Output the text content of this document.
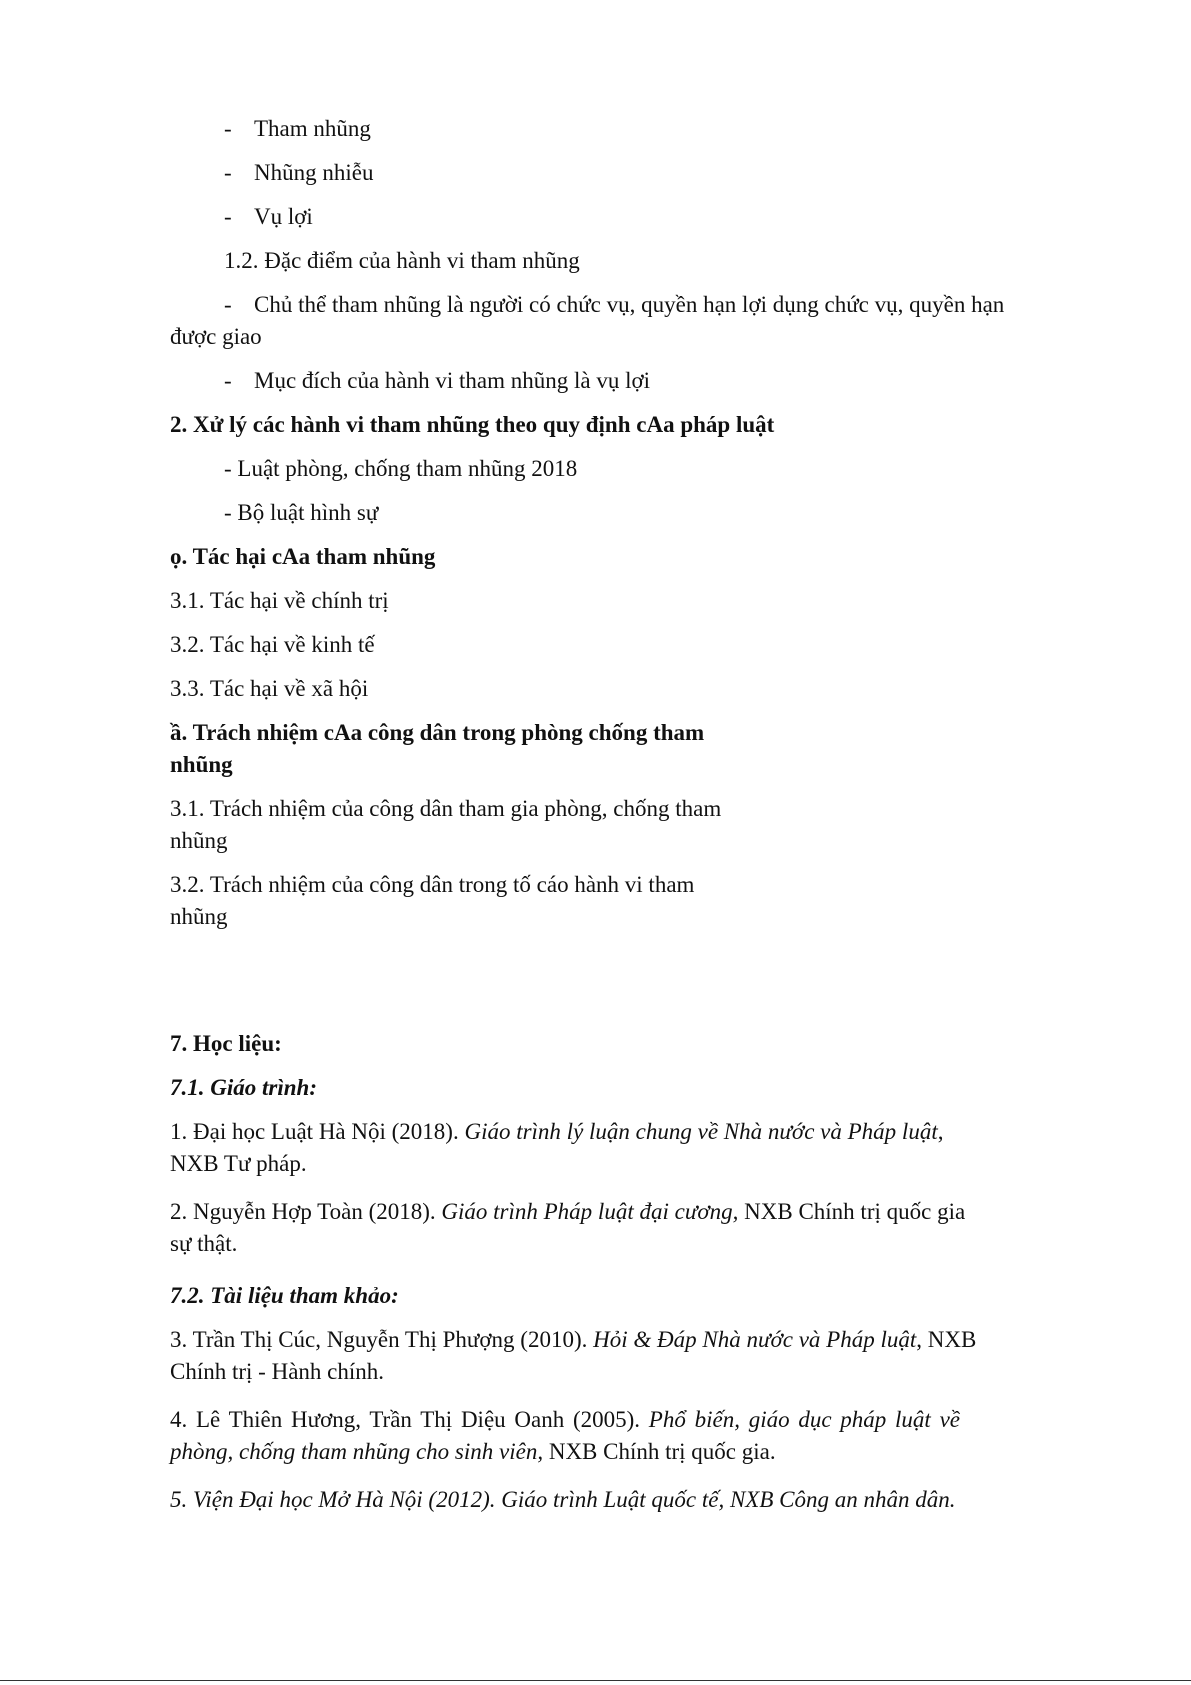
- Tham nhũng
- Nhũng nhiễu
- Vụ lợi
1.2. Đặc điểm của hành vi tham nhũng
- Chủ thể tham nhũng là người có chức vụ, quyền hạn lợi dụng chức vụ, quyền hạn
được giao
- Mục đích của hành vi tham nhũng là vụ lợi
2. Xử lý các hành vi tham nhũng theo quy định cAa pháp luật
- Luật phòng, chống tham nhũng 2018
- Bộ luật hình sự
ọ. Tác hại cAa tham nhũng
3.1. Tác hại về chính trị
3.2. Tác hại về kinh tế
3.3. Tác hại về xã hội
ầ. Trách nhiệm cAa công dân trong phòng chống tham
nhũng
3.1. Trách nhiệm của công dân tham gia phòng, chống tham
nhũng
3.2. Trách nhiệm của công dân trong tố cáo hành vi tham
nhũng
7. Học liệu:
7.1. Giáo trình:
1. Đại học Luật Hà Nội (2018). Giáo trình lý luận chung về Nhà nước và Pháp luật,
NXB Tư pháp.
2. Nguyễn Hợp Toàn (2018). Giáo trình Pháp luật đại cương, NXB Chính trị quốc gia
sự thật.
7.2. Tài liệu tham khảo:
3. Trần Thị Cúc, Nguyễn Thị Phượng (2010). Hỏi & Đáp Nhà nước và Pháp luật, NXB
Chính trị - Hành chính.
4. Lê Thiên Hương, Trần Thị Diệu Oanh (2005). Phổ biến, giáo dục pháp luật về
phòng, chống tham nhũng cho sinh viên, NXB Chính trị quốc gia.
5. Viện Đại học Mở Hà Nội (2012). Giáo trình Luật quốc tế, NXB Công an nhân dân.
